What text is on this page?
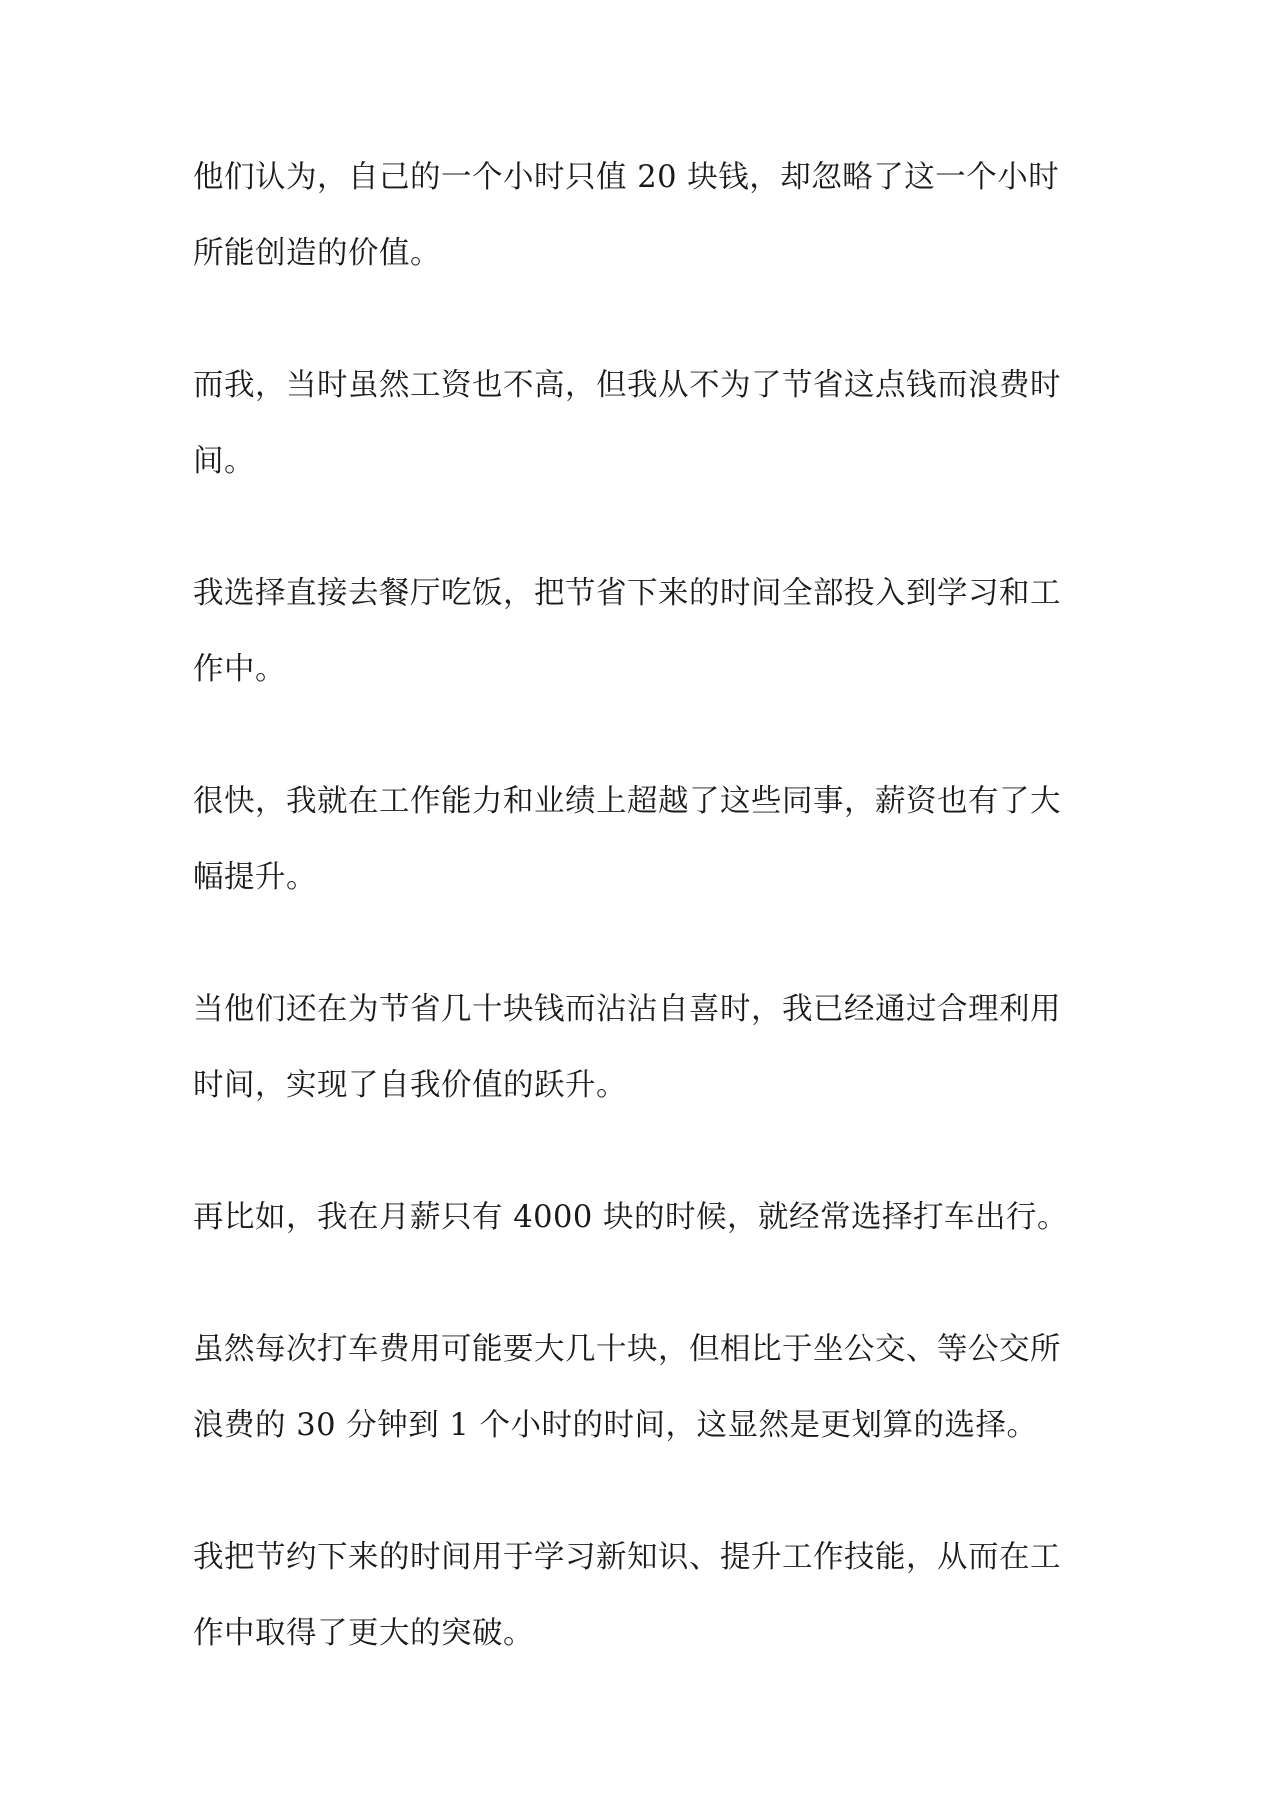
他们认为，自己的一个小时只值 20 块钱，却忽略了这一个小时所能创造的价值。

而我，当时虽然工资也不高，但我从不为了节省这点钱而浪费时间。

我选择直接去餐厅吃饭，把节省下来的时间全部投入到学习和工作中。

很快，我就在工作能力和业绩上超越了这些同事，薪资也有了大幅提升。

当他们还在为节省几十块钱而沾沾自喜时，我已经通过合理利用时间，实现了自我价值的跃升。

再比如，我在月薪只有 4000 块的时候，就经常选择打车出行。

虽然每次打车费用可能要大几十块，但相比于坐公交、等公交所浪费的 30 分钟到 1 个小时的时间，这显然是更划算的选择。

我把节约下来的时间用于学习新知识、提升工作技能，从而在工作中取得了更大的突破。
